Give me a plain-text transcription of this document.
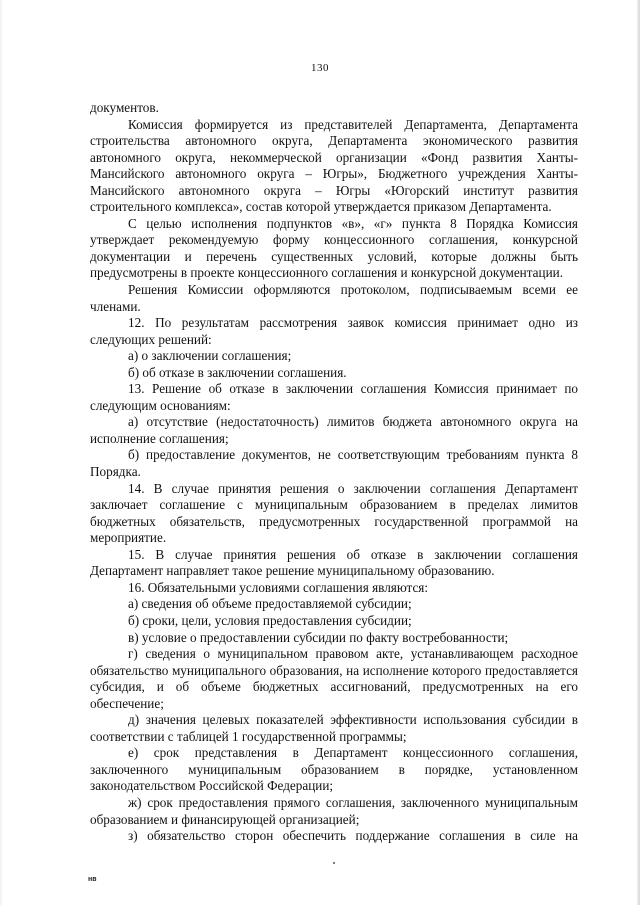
130

документов.

Комиссия формируется из представителей Департамента, Департамента строительства автономного округа, Департамента экономического развития автономного округа, некоммерческой организации «Фонд развития Ханты-Мансийского автономного округа – Югры», Бюджетного учреждения Ханты-Мансийского автономного округа – Югры «Югорский институт развития строительного комплекса», состав которой утверждается приказом Департамента.

С целью исполнения подпунктов «в», «г» пункта 8 Порядка Комиссия утверждает рекомендуемую форму концессионного соглашения, конкурсной документации и перечень существенных условий, которые должны быть предусмотрены в проекте концессионного соглашения и конкурсной документации.

Решения Комиссии оформляются протоколом, подписываемым всеми ее членами.

12. По результатам рассмотрения заявок комиссия принимает одно из следующих решений:

а) о заключении соглашения;

б) об отказе в заключении соглашения.

13. Решение об отказе в заключении соглашения Комиссия принимает по следующим основаниям:

а) отсутствие (недостаточность) лимитов бюджета автономного округа на исполнение соглашения;

б) предоставление документов, не соответствующим требованиям пункта 8 Порядка.

14. В случае принятия решения о заключении соглашения Департамент заключает соглашение с муниципальным образованием в пределах лимитов бюджетных обязательств, предусмотренных государственной программой на мероприятие.

15. В случае принятия решения об отказе в заключении соглашения Департамент направляет такое решение муниципальному образованию.

16. Обязательными условиями соглашения являются:

а) сведения об объеме предоставляемой субсидии;

б) сроки, цели, условия предоставления субсидии;

в) условие о предоставлении субсидии по факту востребованности;

г) сведения о муниципальном правовом акте, устанавливающем расходное обязательство муниципального образования, на исполнение которого предоставляется субсидия, и об объеме бюджетных ассигнований, предусмотренных на его обеспечение;

д) значения целевых показателей эффективности использования субсидии в соответствии с таблицей 1 государственной программы;

е) срок представления в Департамент концессионного соглашения, заключенного муниципальным образованием в порядке, установленном законодательством Российской Федерации;

ж) срок предоставления прямого соглашения, заключенного муниципальным образованием и финансирующей организацией;

з) обязательство сторон обеспечить поддержание соглашения в силе на

нв
